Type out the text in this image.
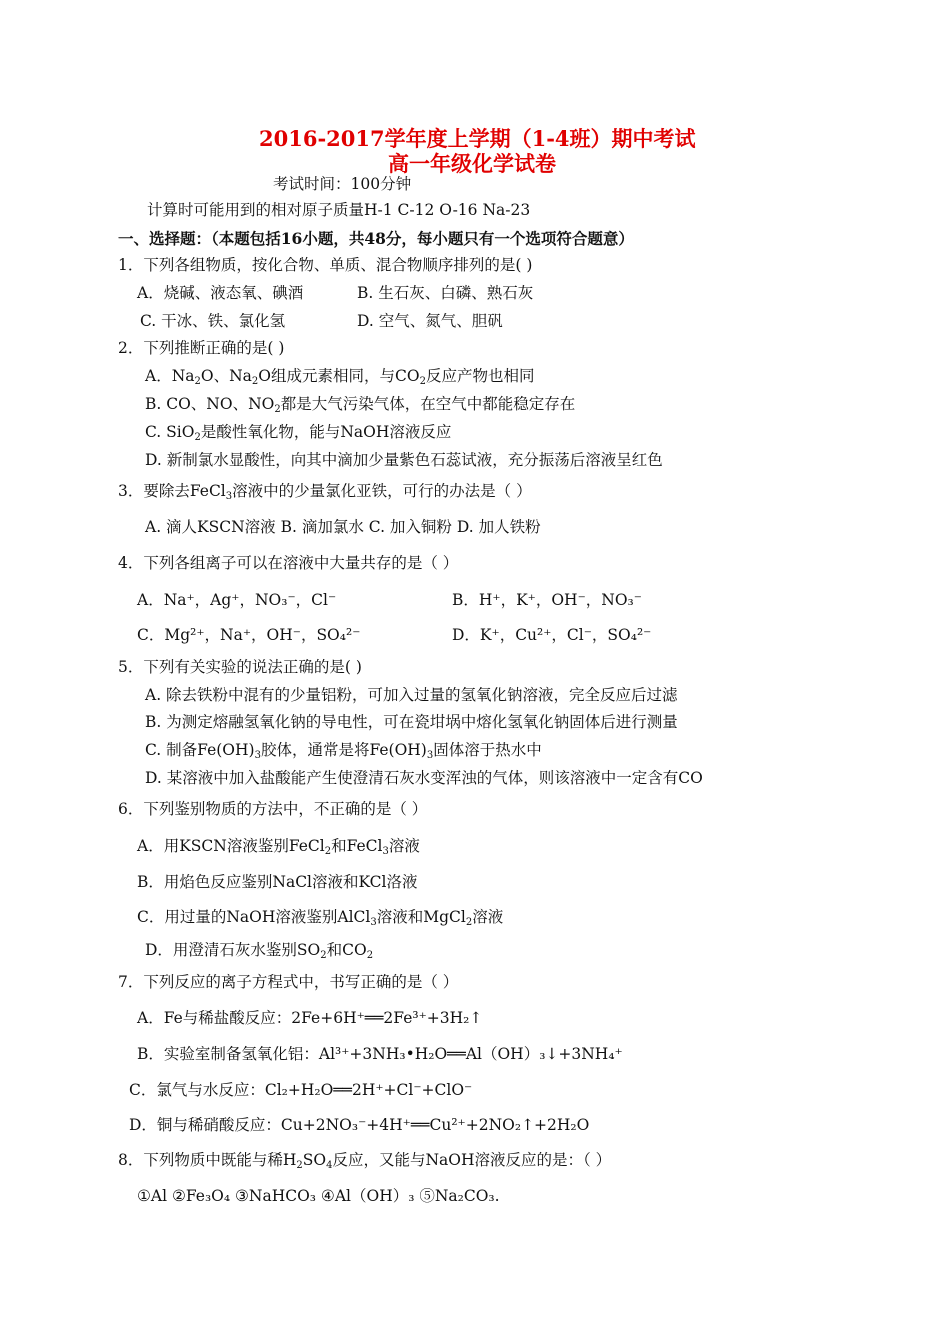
2016-2017学年度上学期（1-4班）期中考试
高一年级化学试卷
考试时间：100分钟
计算时可能用到的相对原子质量H-1 C-12 O-16 Na-23
一、选择题：（本题包括16小题，共48分，每小题只有一个选项符合题意）
1．下列各组物质，按化合物、单质、混合物顺序排列的是( )
A．烧碱、液态氧、碘酒	B. 生石灰、白磷、熟石灰
C. 干冰、铁、氯化氢	D. 空气、氮气、胆矾
2．下列推断正确的是( )
A．$Na_2O$、$Na_2O$组成元素相同，与$CO_2$反应产物也相同
B. CO、NO、$NO_2$都是大气污染气体，在空气中都能稳定存在
C. SiO$_2$是酸性氧化物，能与NaOH溶液反应
D. 新制氯水显酸性，向其中滴加少量紫色石蕊试液，充分振荡后溶液呈红色
3．要除去FeCl$_3$溶液中的少量氯化亚铁，可行的办法是（ ）
A. 滴人KSCN溶液 B. 滴加氯水 C. 加入铜粉 D. 加人铁粉
4．下列各组离子可以在溶液中大量共存的是（ ）
A．Na⁺，Ag⁺，NO₃⁻，Cl⁻	B．H⁺，K⁺，OH⁻，NO₃⁻
C．Mg²⁺，Na⁺，OH⁻，SO₄²⁻	D．K⁺，Cu²⁺，Cl⁻，SO₄²⁻
5．下列有关实验的说法正确的是( )
A. 除去铁粉中混有的少量铝粉，可加入过量的氢氧化钠溶液，完全反应后过滤
B. 为测定熔融氢氧化钠的导电性，可在瓷坩埚中熔化氢氧化钠固体后进行测量
C. 制备$Fe(OH)_3$胶体，通常是将$Fe(OH)_3$固体溶于热水中
D. 某溶液中加入盐酸能产生使澄清石灰水变浑浊的气体，则该溶液中一定含有CO
6．下列鉴别物质的方法中，不正确的是（ ）
A．用KSCN溶液鉴别FeCl$_2$和FeCl$_3$溶液
B．用焰色反应鉴别NaCl溶液和KCl洛液
C．用过量的NaOH溶液鉴别AlCl$_3$溶液和MgCl$_2$溶液
D．用澄清石灰水鉴别$SO_2$和$CO_2$
7．下列反应的离子方程式中，书写正确的是（ ）
A．Fe与稀盐酸反应：2Fe+6H⁺══2Fe³⁺+3H₂↑
B．实验室制备氢氧化铝：Al³⁺+3NH₃•H₂O══Al（OH）₃↓+3NH₄⁺
C．氯气与水反应：Cl₂+H₂O══2H⁺+Cl⁻+ClO⁻
D．铜与稀硝酸反应：Cu+2NO₃⁻+4H⁺══Cu²⁺+2NO₂↑+2H₂O
8．下列物质中既能与稀$H_2SO_4$反应，又能与NaOH溶液反应的是：（ ）
①Al ②Fe₃O₄ ③NaHCO₃ ④Al（OH）₃ ⑤Na₂CO₃.
